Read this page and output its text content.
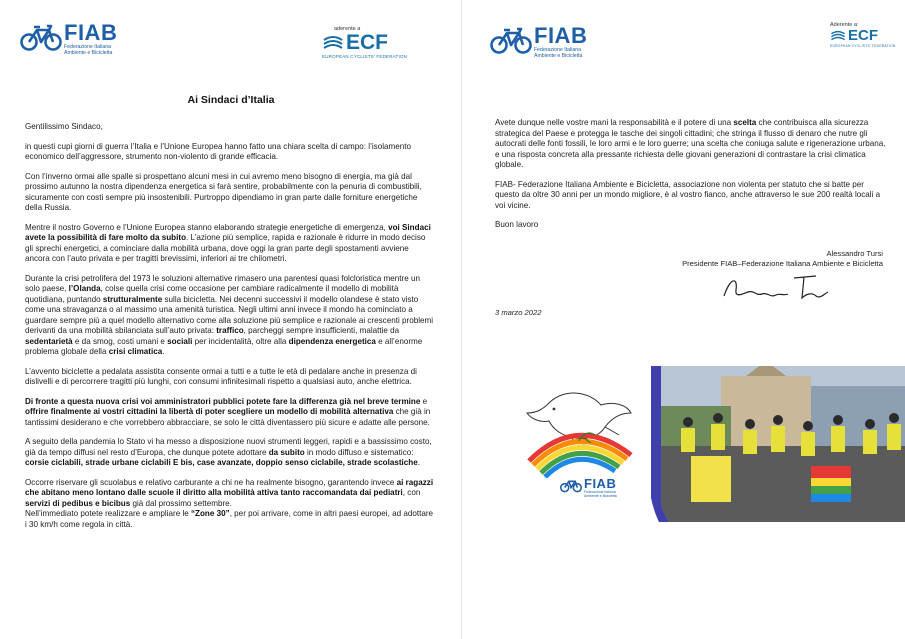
FIAB
Federazione Italiana
Ambiente e Bicicletta
aderente a
ECF
EUROPEAN CYCLISTS' FEDERATION
Ai Sindaci d’Italia

Gentilissimo Sindaco,

in questi cupi giorni di guerra l’Italia e l’Unione Europea hanno fatto una chiara scelta di campo: l’isolamento economico dell’aggressore, strumento non-violento di grande efficacia.

Con l’inverno ormai alle spalle si prospettano alcuni mesi in cui avremo meno bisogno di energia, ma già dal prossimo autunno la nostra dipendenza energetica si farà sentire, probabilmente con la penuria di combustibili, sicuramente con costi sempre più insostenibili. Purtroppo dipendiamo in gran parte dalle forniture energetiche della Russia.

Mentre il nostro Governo e l’Unione Europea stanno elaborando strategie energetiche di emergenza, voi Sindaci avete la possibilità di fare molto da subito. L’azione più semplice, rapida e razionale è ridurre in modo deciso gli sprechi energetici, a cominciare dalla mobilità urbana, dove oggi la gran parte degli spostamenti avviene ancora con l’auto privata e per tragitti brevissimi, inferiori ai tre chilometri.

Durante la crisi petrolifera del 1973 le soluzioni alternative rimasero una parentesi quasi folcloristica mentre un solo paese, l’Olanda, colse quella crisi come occasione per cambiare radicalmente il modello di mobilità quotidiana, puntando strutturalmente sulla bicicletta. Nei decenni successivi il modello olandese è stato visto come una stravaganza o al massimo una amenità turistica. Negli ultimi anni invece il mondo ha cominciato a guardare sempre più a quel modello alternativo come alla soluzione più semplice e razionale ai crescenti problemi derivanti da una mobilità sbilanciata sull’auto privata: traffico, parcheggi sempre insufficienti, malattie da sedentarietà e da smog, costi umani e sociali per incidentalità, oltre alla dipendenza energetica e all’enorme problema globale della crisi climatica.

L’avvento biciclette a pedalata assistita consente ormai a tutti e a tutte le età di pedalare anche in presenza di dislivelli e di percorrere tragitti più lunghi, con consumi infinitesimali rispetto a qualsiasi auto, anche elettrica.

Di fronte a questa nuova crisi voi amministratori pubblici potete fare la differenza già nel breve termine e offrire finalmente ai vostri cittadini la libertà di poter scegliere un modello di mobilità alternativa che già in tantissimi desiderano e che vorrebbero abbracciare, se solo le città diventassero più sicure e adatte alle persone.

A seguito della pandemia lo Stato vi ha messo a disposizione nuovi strumenti leggeri, rapidi e a bassissimo costo, già da tempo diffusi nel resto d’Europa, che dunque potete adottare da subito in modo diffuso e sistematico: corsie ciclabili, strade urbane ciclabili E bis, case avanzate, doppio senso ciclabile, strade scolastiche.

Occorre riservare gli scuolabus e relativo carburante a chi ne ha realmente bisogno, garantendo invece ai ragazzi che abitano meno lontano dalle scuole il diritto alla mobilità attiva tanto raccomandata dai pediatri, con servizi di pedibus e bicibus già dal prossimo settembre.
Nell’immediato potete realizzare e ampliare le “Zone 30”, per poi arrivare, come in altri paesi europei, ad adottare i 30 km/h come regola in città.

FIAB
Federazione Italiana
Ambiente e Bicicletta
Aderente a:
ECF
EUROPEAN CYCLISTS' FEDERATION

Avete dunque nelle vostre mani la responsabilità e il potere di una scelta che contribuisca alla sicurezza strategica del Paese e protegga le tasche dei singoli cittadini; che stringa il flusso di denaro che nutre gli autocrati delle fonti fossili, le loro armi e le loro guerre; una scelta che coniuga salute e rigenerazione urbana, e una risposta concreta alla pressante richiesta delle giovani generazioni di contrastare la crisi climatica globale.

FIAB- Federazione Italiana Ambiente e Bicicletta, associazione non violenta per statuto che si batte per questo da oltre 30 anni per un mondo migliore, è al vostro fianco, anche attraverso le sue 200 realtà locali a voi vicine.

Buon lavoro

Alessandro Tursi
Presidente FIAB–Federazione Italiana Ambiente e Bicicletta
3 marzo 2022
FIAB
Federazione Italiana
Ambiente e Bicicletta
